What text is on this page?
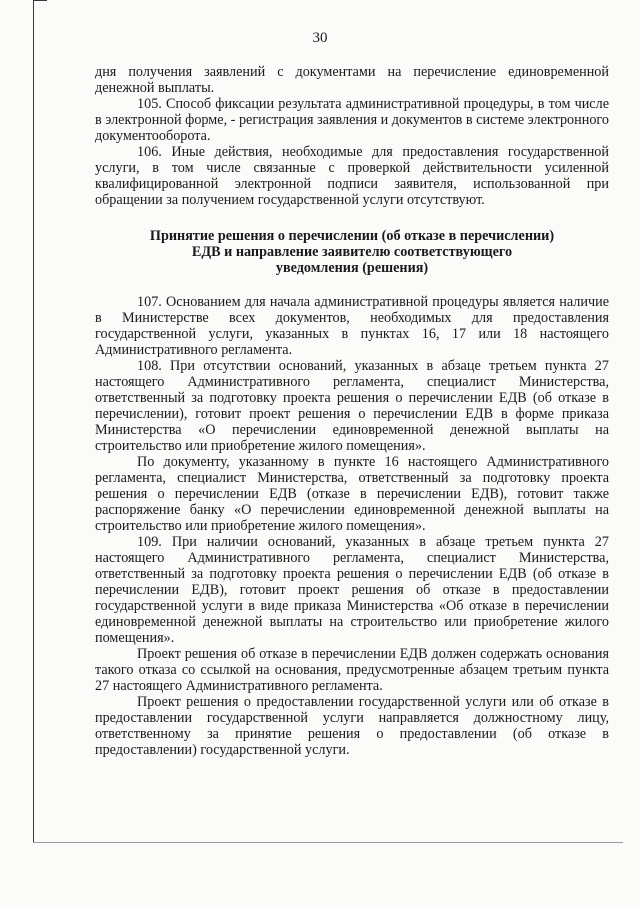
30

дня получения заявлений с документами на перечисление единовременной денежной выплаты.

105. Способ фиксации результата административной процедуры, в том числе в электронной форме, - регистрация заявления и документов в системе электронного документооборота.

106. Иные действия, необходимые для предоставления государственной услуги, в том числе связанные с проверкой действительности усиленной квалифицированной электронной подписи заявителя, использованной при обращении за получением государственной услуги отсутствуют.

Принятие решения о перечислении (об отказе в перечислении)
ЕДВ и направление заявителю соответствующего
уведомления (решения)

107. Основанием для начала административной процедуры является наличие в Министерстве всех документов, необходимых для предоставления государственной услуги, указанных в пунктах 16, 17 или 18 настоящего Административного регламента.

108. При отсутствии оснований, указанных в абзаце третьем пункта 27 настоящего Административного регламента, специалист Министерства, ответственный за подготовку проекта решения о перечислении ЕДВ (об отказе в перечислении), готовит проект решения о перечислении ЕДВ в форме приказа Министерства «О перечислении единовременной денежной выплаты на строительство или приобретение жилого помещения».

По документу, указанному в пункте 16 настоящего Административного регламента, специалист Министерства, ответственный за подготовку проекта решения о перечислении ЕДВ (отказе в перечислении ЕДВ), готовит также распоряжение банку «О перечислении единовременной денежной выплаты на строительство или приобретение жилого помещения».

109. При наличии оснований, указанных в абзаце третьем пункта 27 настоящего Административного регламента, специалист Министерства, ответственный за подготовку проекта решения о перечислении ЕДВ (об отказе в перечислении ЕДВ), готовит проект решения об отказе в предоставлении государственной услуги в виде приказа Министерства «Об отказе в перечислении единовременной денежной выплаты на строительство или приобретение жилого помещения».

Проект решения об отказе в перечислении ЕДВ должен содержать основания такого отказа со ссылкой на основания, предусмотренные абзацем третьим пункта 27 настоящего Административного регламента.

Проект решения о предоставлении государственной услуги или об отказе в предоставлении государственной услуги направляется должностному лицу, ответственному за принятие решения о предоставлении (об отказе в предоставлении) государственной услуги.
